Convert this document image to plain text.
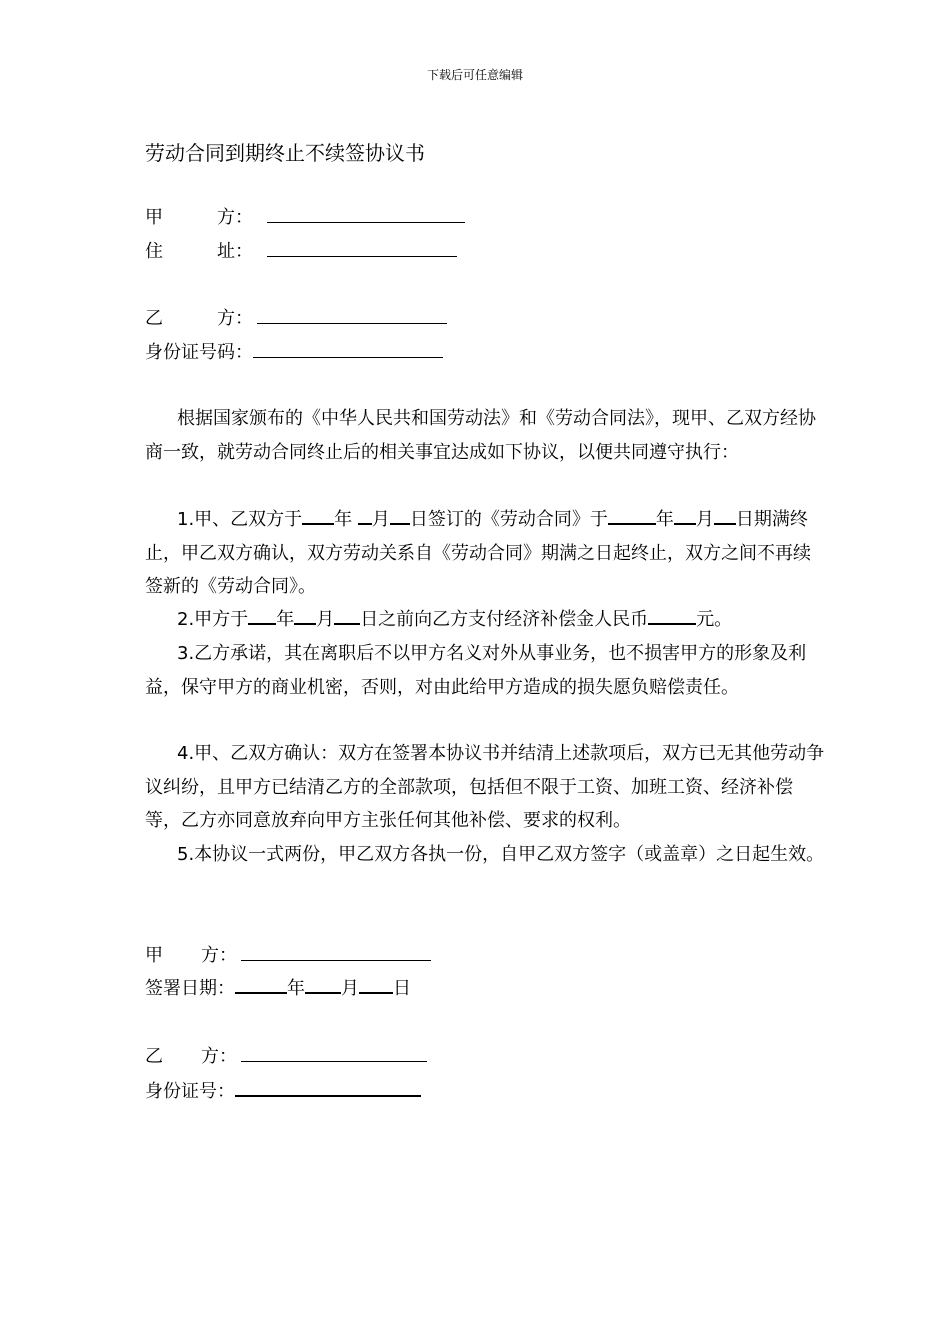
下载后可任意编辑
劳动合同到期终止不续签协议书
甲	方：
住	址：
乙	方：
身份证号码：
根据国家颁布的《中华人民共和国劳动法》和《劳动合同法》，现甲、乙双方经协商一致，就劳动合同终止后的相关事宜达成如下协议，以便共同遵守执行：
1.甲、乙双方于 年 月 日签订的《劳动合同》于	年 月 日期满终止，甲乙双方确认，双方劳动关系自《劳动合同》期满之日起终止，双方之间不再续签新的《劳动合同》。
2.甲方于 年 月 日之前向乙方支付经济补偿金人民币	元。
3.乙方承诺，其在离职后不以甲方名义对外从事业务，也不损害甲方的形象及利益，保守甲方的商业机密，否则，对由此给甲方造成的损失愿负赔偿责任。
4.甲、乙双方确认：双方在签署本协议书并结清上述款项后，双方已无其他劳动争议纠纷，且甲方已结清乙方的全部款项，包括但不限于工资、加班工资、经济补偿等，乙方亦同意放弃向甲方主张任何其他补偿、要求的权利。
5.本协议一式两份，甲乙双方各执一份，自甲乙双方签字（或盖章）之日起生效。
甲 方：
签署日期：	年 月 日
乙 方：
身份证号：
